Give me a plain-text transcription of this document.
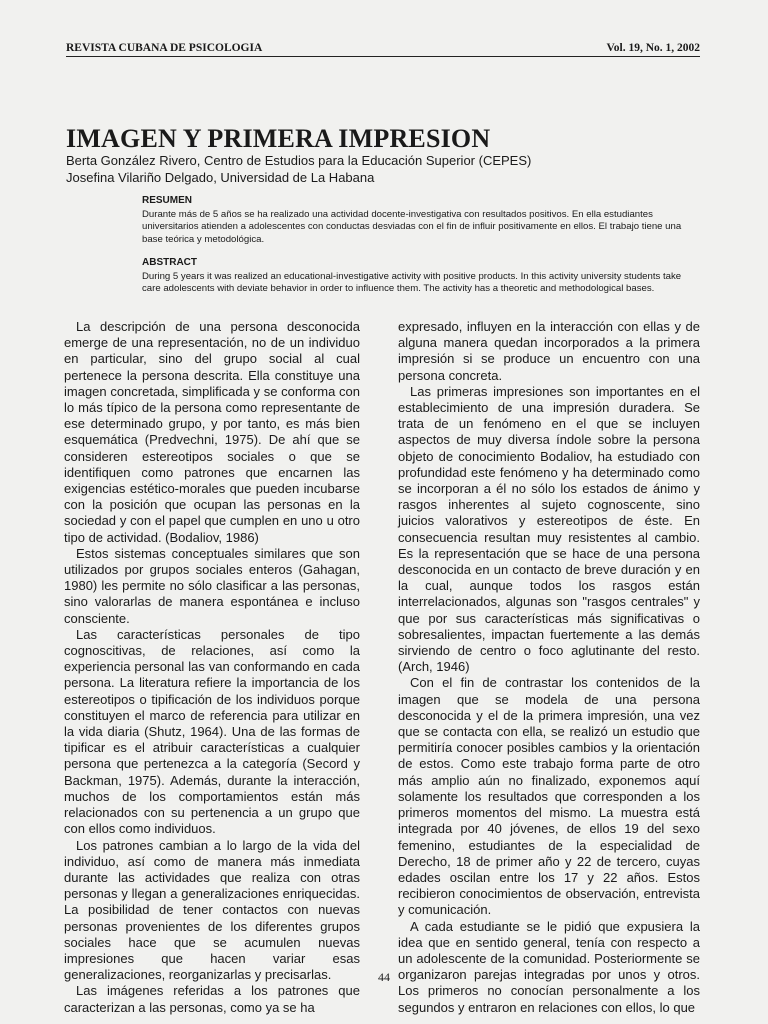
REVISTA CUBANA DE PSICOLOGIA	Vol. 19, No. 1, 2002
IMAGEN Y PRIMERA IMPRESION
Berta González Rivero, Centro de Estudios para la Educación Superior (CEPES)
Josefina Vilariño Delgado, Universidad de La Habana
RESUMEN
Durante más de 5 años se ha realizado una actividad docente-investigativa con resultados positivos. En ella estudiantes universitarios atienden a adolescentes con conductas desviadas con el fin de influir positivamente en ellos. El trabajo tiene una base teórica y metodológica.
ABSTRACT
During 5 years it was realized an educational-investigative activity with positive products. In this activity university students take care adolescents with deviate behavior in order to influence them. The activity has a theoretic and methodological bases.

La descripción de una persona desconocida emerge de una representación, no de un individuo en particular, sino del grupo social al cual pertenece la persona descrita. Ella constituye una imagen concretada, simplificada y se conforma con lo más típico de la persona como representante de ese determinado grupo, y por tanto, es más bien esquemática (Predvechni, 1975). De ahí que se consideren estereotipos sociales o que se identifiquen como patrones que encarnen las exigencias estético-morales que pueden incubarse con la posición que ocupan las personas en la sociedad y con el papel que cumplen en uno u otro tipo de actividad. (Bodaliov, 1986)

Estos sistemas conceptuales similares que son utilizados por grupos sociales enteros (Gahagan, 1980) les permite no sólo clasificar a las personas, sino valorarlas de manera espontánea e incluso consciente.

Las características personales de tipo cognoscitivas, de relaciones, así como la experiencia personal las van conformando en cada persona. La literatura refiere la importancia de los estereotipos o tipificación de los individuos porque constituyen el marco de referencia para utilizar en la vida diaria (Shutz, 1964). Una de las formas de tipificar es el atribuir características a cualquier persona que pertenezca a la categoría (Secord y Backman, 1975). Además, durante la interacción, muchos de los comportamientos están más relacionados con su pertenencia a un grupo que con ellos como individuos.

Los patrones cambian a lo largo de la vida del individuo, así como de manera más inmediata durante las actividades que realiza con otras personas y llegan a generalizaciones enriquecidas. La posibilidad de tener contactos con nuevas personas provenientes de los diferentes grupos sociales hace que se acumulen nuevas impresiones que hacen variar esas generalizaciones, reorganizarlas y precisarlas.

Las imágenes referidas a los patrones que caracterizan a las personas, como ya se ha

expresado, influyen en la interacción con ellas y de alguna manera quedan incorporados a la primera impresión si se produce un encuentro con una persona concreta.

Las primeras impresiones son importantes en el establecimiento de una impresión duradera. Se trata de un fenómeno en el que se incluyen aspectos de muy diversa índole sobre la persona objeto de conocimiento Bodaliov, ha estudiado con profundidad este fenómeno y ha determinado como se incorporan a él no sólo los estados de ánimo y rasgos inherentes al sujeto cognoscente, sino juicios valorativos y estereotipos de éste. En consecuencia resultan muy resistentes al cambio. Es la representación que se hace de una persona desconocida en un contacto de breve duración y en la cual, aunque todos los rasgos están interrelacionados, algunas son "rasgos centrales" y que por sus características más significativas o sobresalientes, impactan fuertemente a las demás sirviendo de centro o foco aglutinante del resto. (Arch, 1946)

Con el fin de contrastar los contenidos de la imagen que se modela de una persona desconocida y el de la primera impresión, una vez que se contacta con ella, se realizó un estudio que permitiría conocer posibles cambios y la orientación de estos. Como este trabajo forma parte de otro más amplio aún no finalizado, exponemos aquí solamente los resultados que corresponden a los primeros momentos del mismo. La muestra está integrada por 40 jóvenes, de ellos 19 del sexo femenino, estudiantes de la especialidad de Derecho, 18 de primer año y 22 de tercero, cuyas edades oscilan entre los 17 y 22 años. Estos recibieron conocimientos de observación, entrevista y comunicación.

A cada estudiante se le pidió que expusiera la idea que en sentido general, tenía con respecto a un adolescente de la comunidad. Posteriormente se organizaron parejas integradas por unos y otros. Los primeros no conocían personalmente a los segundos y entraron en relaciones con ellos, lo que

44
